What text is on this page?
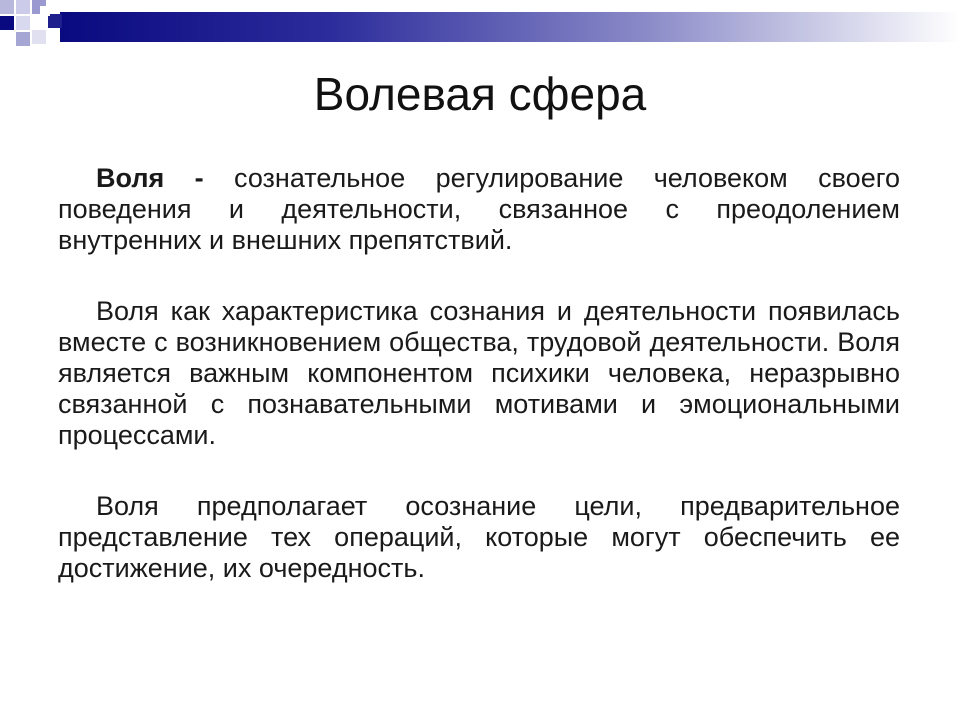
Волевая сфера

Воля - сознательное регулирование человеком своего поведения и деятельности, связанное с преодолением внутренних и внешних препятствий.

Воля как характеристика сознания и деятельности появилась вместе с возникновением общества, трудовой деятельности. Воля является важным компонентом психики человека, неразрывно связанной с познавательными мотивами и эмоциональными процессами.

Воля предполагает осознание цели, предварительное представление тех операций, которые могут обеспечить ее достижение, их очередность.
